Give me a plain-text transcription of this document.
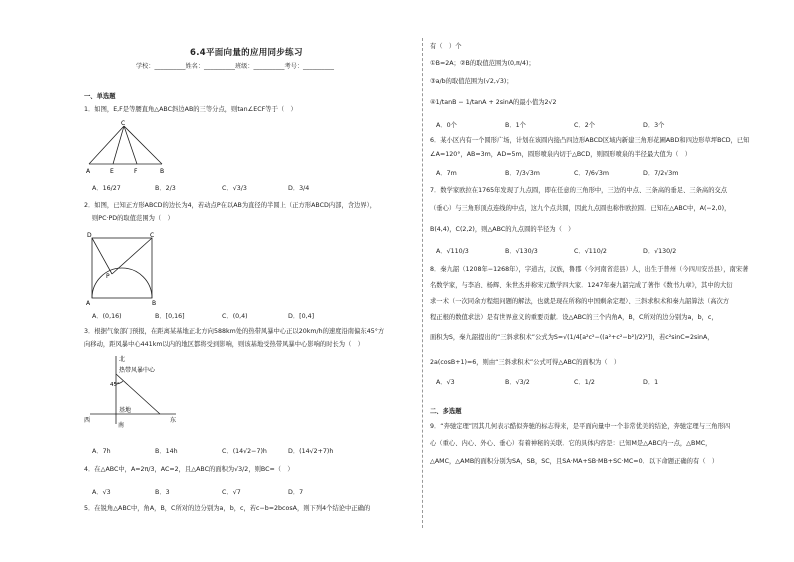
6.4平面向量的应用同步练习
学校：__________姓名：__________班级：__________考号：__________
一、单选题
1．如图，E,F是等腰直角△ABC斜边AB的三等分点，则tan∠ECF等于（　）
C
A	E	F	B
A．16/27	B．2/3	C．√3/3	D．3/4
2．如图，已知正方形ABCD的边长为4，若动点P在以AB为直径的半圆上（正方形ABCD内部，含边界），
则PC·PD的取值范围为（　）
D	C
P
A	B
A．(0,16)	B．[0,16]	C．(0,4)	D．[0,4]
3．根据气象部门预报，在距离某基地正北方向588km处的热带风暴中心正以20km/h的速度沿南偏东45°方
向移动，距风暴中心441km以内的地区都将受到影响，则该基地受热带风暴中心影响的时长为（　）
北
热带风暴中心
45°
基地
西	东
南
A．7h	B．14h	C．(14√2−7)h	D．(14√2+7)h
4．在△ABC中，A=2π/3，AC=2，且△ABC的面积为√3/2，则BC=（　）
A．√3	B．3	C．√7	D．7
5．在锐角△ABC中，角A，B，C所对的边分别为a，b，c，若c−b=2bcosA，则下列4个结论中正确的
有（　）个
①B=2A；②B的取值范围为(0,π/4)；
③a/b的取值范围为(√2,√3)；
④1/tanB − 1/tanA + 2sinA的最小值为2√2
A．0个	B．1个	C．2个	D．3个
6．某小区内有一个圆形广场，计划在该圆内接凸四边形ABCD区域内新建三角形花圃ABD和四边形草坪BCD，已知
∠A=120°，AB=3m，AD=5m，圆形喷泉内切于△BCD，则圆形喷泉的半径最大值为（　）
A．7m	B．7/3√3m	C．7/6√3m	D．7/2√3m
7．数学家欧拉在1765年发现了九点圆，即在任意的三角形中，三边的中点、三条高的垂足、三条高的交点
（垂心）与三角形顶点连线的中点，这九个点共圆，因此九点圆也称作欧拉圆．已知在△ABC中，A(−2,0)，
B(4,4)，C(2,2)，则△ABC的九点圆的半径为（　）
A．√110/3	B．√130/3	C．√110/2	D．√130/2
8．秦九韶（1208年−1268年），字道古，汉族，鲁郡（今河南省范县）人，出生于普州（今四川安岳县），南宋著
名数学家，与李冶、杨辉、朱世杰并称宋元数学四大家．1247年秦九韶完成了著作《数书九章》，其中的大衍
求一术（一次同余方程组问题的解法，也就是现在所称的中国剩余定理）、三斜求积术和秦九韶算法（高次方
程正根的数值求法）是有世界意义的重要贡献．设△ABC的三个内角A，B，C所对的边分别为a，b，c，
面积为S，秦九韶提出的“三斜求积术”公式为S=√(1/4[a²c²−((a²+c²−b²)/2)²])，若c²sinC=2sinA，
2a(cosB+1)=6，则由“三斜求积术”公式可得△ABC的面积为（　）
A．√3	B．√3/2	C．1/2	D．1
二、多选题
9．“奔驰定理”因其几何表示酷似奔驰的标志得来，是平面向量中一个非常优美的结论，奔驰定理与三角形四
心（重心、内心、外心、垂心）有着神秘的关联．它的具体内容是：已知M是△ABC内一点，△BMC，
△AMC，△AMB的面积分别为SA，SB，SC，且SA·MA+SB·MB+SC·MC=0．以下命题正确的有（　）
